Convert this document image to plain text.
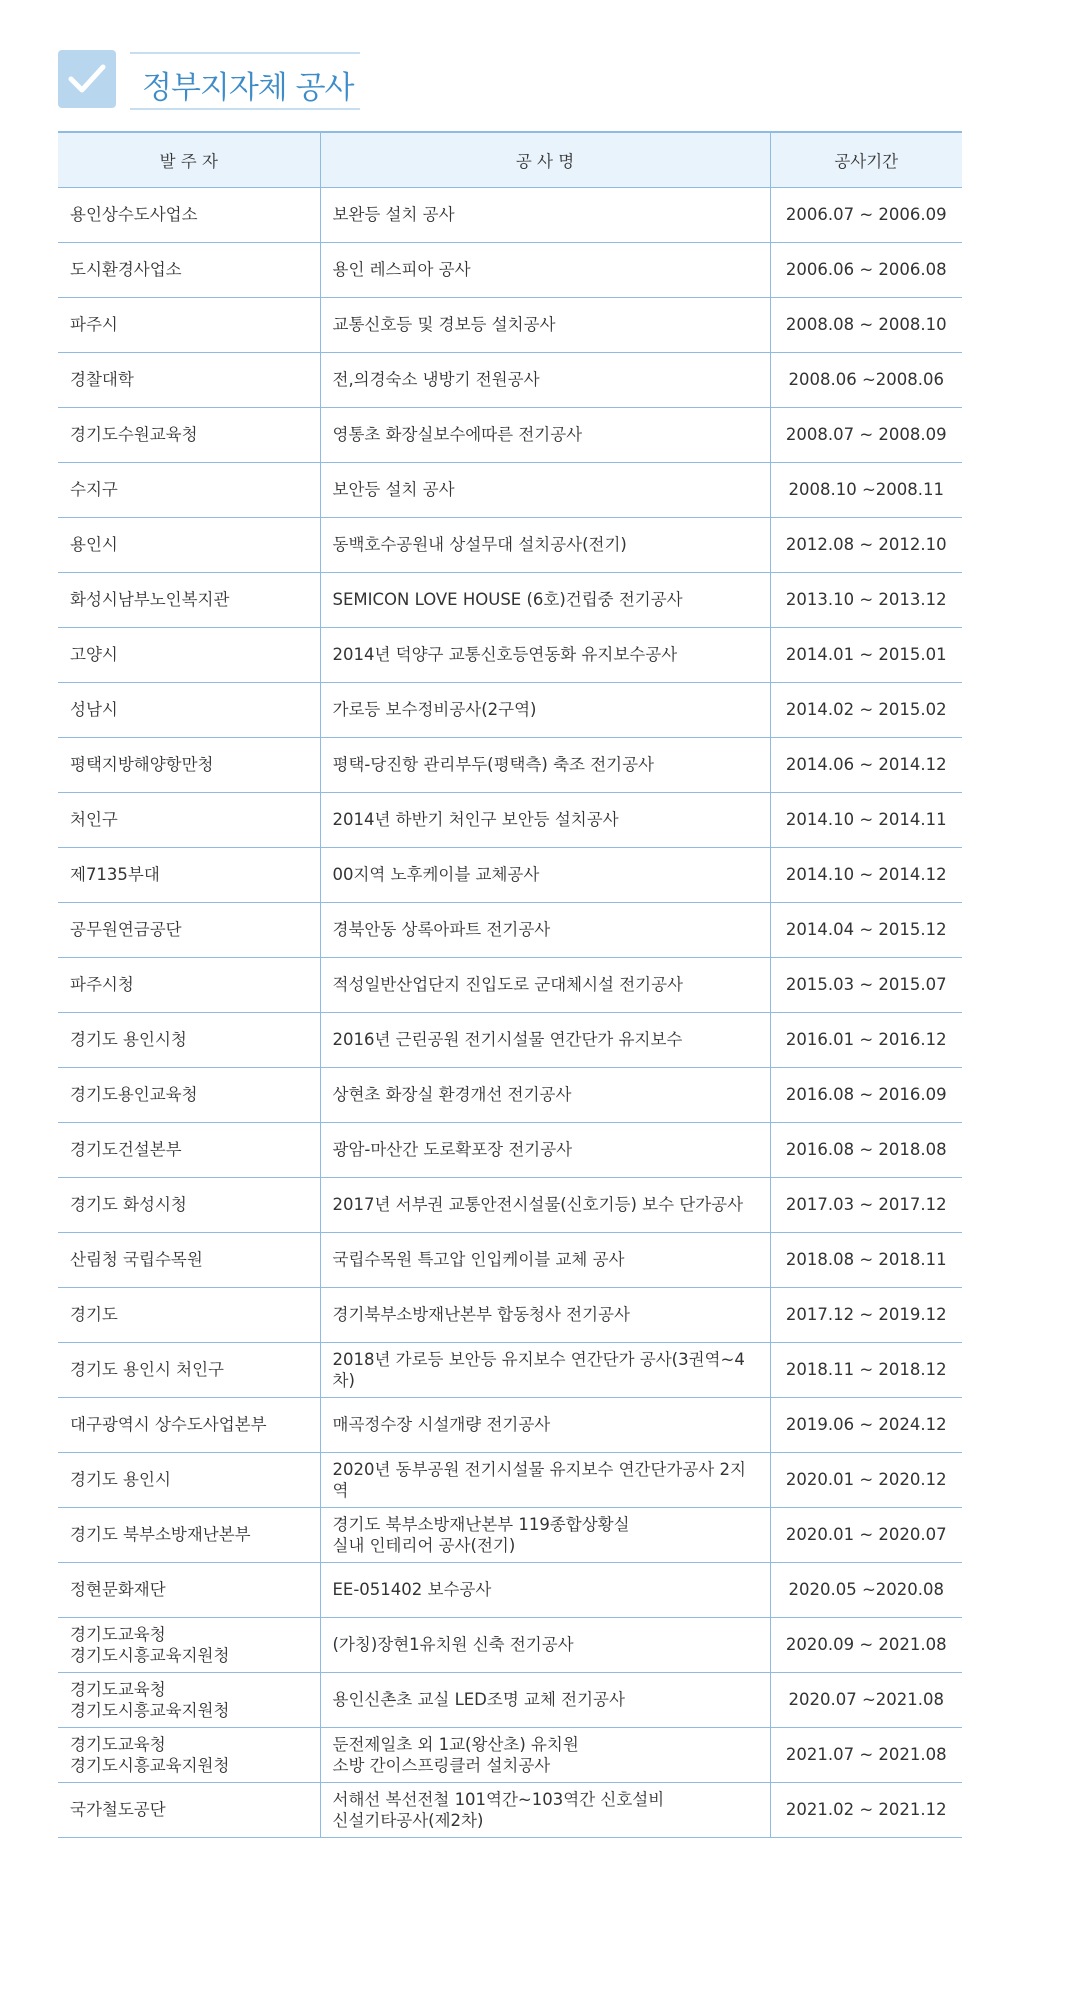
정부지자체 공사
발 주 자	공 사 명	공사기간
용인상수도사업소	보완등 설치 공사	2006.07 ~ 2006.09
도시환경사업소	용인 레스피아 공사	2006.06 ~ 2006.08
파주시	교통신호등 및 경보등 설치공사	2008.08 ~ 2008.10
경찰대학	전,의경숙소 냉방기 전원공사	2008.06 ~2008.06
경기도수원교육청	영통초 화장실보수에따른 전기공사	2008.07 ~ 2008.09
수지구	보안등 설치 공사	2008.10 ~2008.11
용인시	동백호수공원내 상설무대 설치공사(전기)	2012.08 ~ 2012.10
화성시남부노인복지관	SEMICON LOVE HOUSE (6호)건립중 전기공사	2013.10 ~ 2013.12
고양시	2014년 덕양구 교통신호등연동화 유지보수공사	2014.01 ~ 2015.01
성남시	가로등 보수정비공사(2구역)	2014.02 ~ 2015.02
평택지방해양항만청	평택-당진항 관리부두(평택측) 축조 전기공사	2014.06 ~ 2014.12
처인구	2014년 하반기 처인구 보안등 설치공사	2014.10 ~ 2014.11
제7135부대	00지역 노후케이블 교체공사	2014.10 ~ 2014.12
공무원연금공단	경북안동 상록아파트 전기공사	2014.04 ~ 2015.12
파주시청	적성일반산업단지 진입도로 군대체시설 전기공사	2015.03 ~ 2015.07
경기도 용인시청	2016년 근린공원 전기시설물 연간단가 유지보수	2016.01 ~ 2016.12
경기도용인교육청	상현초 화장실 환경개선 전기공사	2016.08 ~ 2016.09
경기도건설본부	광암-마산간 도로확포장 전기공사	2016.08 ~ 2018.08
경기도 화성시청	2017년 서부권 교통안전시설물(신호기등) 보수 단가공사	2017.03 ~ 2017.12
산림청 국립수목원	국립수목원 특고압 인입케이블 교체 공사	2018.08 ~ 2018.11
경기도	경기북부소방재난본부 합동청사 전기공사	2017.12 ~ 2019.12
경기도 용인시 처인구	2018년 가로등 보안등 유지보수 연간단가 공사(3권역~4차)	2018.11 ~ 2018.12
대구광역시 상수도사업본부	매곡정수장 시설개량 전기공사	2019.06 ~ 2024.12
경기도 용인시	2020년 동부공원 전기시설물 유지보수 연간단가공사 2지역	2020.01 ~ 2020.12
경기도 북부소방재난본부	경기도 북부소방재난본부 119종합상황실
실내 인테리어 공사(전기)	2020.01 ~ 2020.07
정현문화재단	EE-051402 보수공사	2020.05 ~2020.08
경기도교육청
경기도시흥교육지원청	(가칭)장현1유치원 신축 전기공사	2020.09 ~ 2021.08
경기도교육청
경기도시흥교육지원청	용인신촌초 교실 LED조명 교체 전기공사	2020.07 ~2021.08
경기도교육청
경기도시흥교육지원청	둔전제일초 외 1교(왕산초) 유치원
소방 간이스프링클러 설치공사	2021.07 ~ 2021.08
국가철도공단	서해선 복선전철 101역간~103역간 신호설비
신설기타공사(제2차)	2021.02 ~ 2021.12
